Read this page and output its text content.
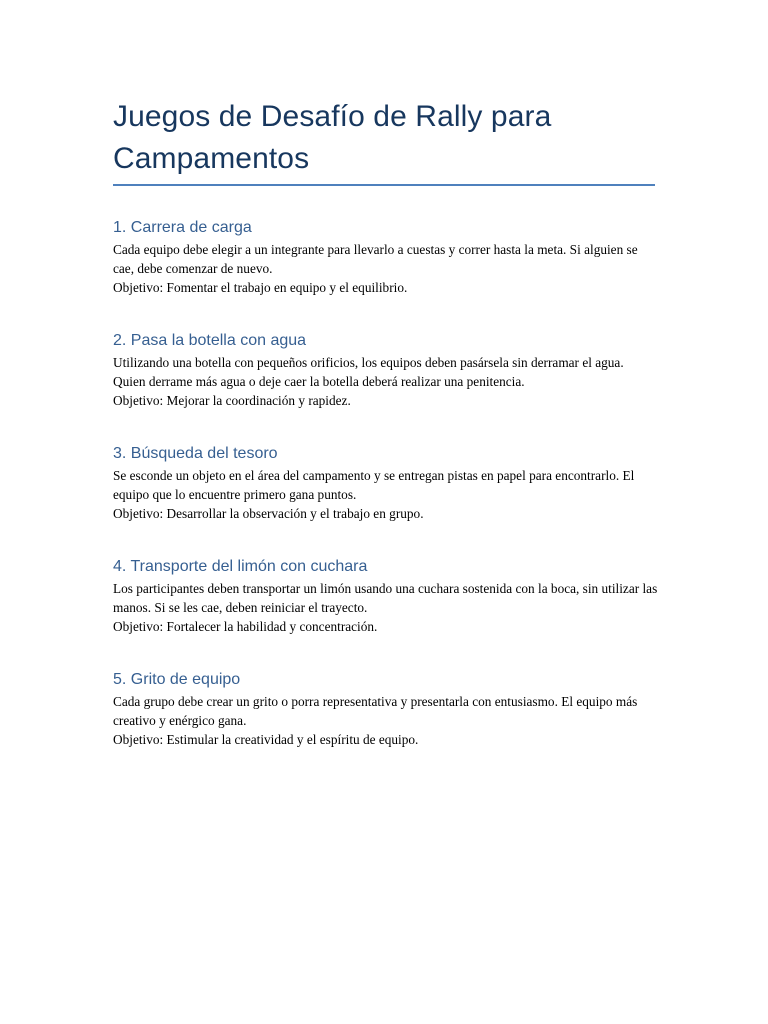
Juegos de Desafío de Rally para Campamentos
1. Carrera de carga

Cada equipo debe elegir a un integrante para llevarlo a cuestas y correr hasta la meta. Si alguien se cae, debe comenzar de nuevo.

Objetivo: Fomentar el trabajo en equipo y el equilibrio.

2. Pasa la botella con agua

Utilizando una botella con pequeños orificios, los equipos deben pasársela sin derramar el agua. Quien derrame más agua o deje caer la botella deberá realizar una penitencia.

Objetivo: Mejorar la coordinación y rapidez.

3. Búsqueda del tesoro

Se esconde un objeto en el área del campamento y se entregan pistas en papel para encontrarlo. El equipo que lo encuentre primero gana puntos.

Objetivo: Desarrollar la observación y el trabajo en grupo.

4. Transporte del limón con cuchara

Los participantes deben transportar un limón usando una cuchara sostenida con la boca, sin utilizar las manos. Si se les cae, deben reiniciar el trayecto.

Objetivo: Fortalecer la habilidad y concentración.

5. Grito de equipo

Cada grupo debe crear un grito o porra representativa y presentarla con entusiasmo. El equipo más creativo y enérgico gana.

Objetivo: Estimular la creatividad y el espíritu de equipo.
